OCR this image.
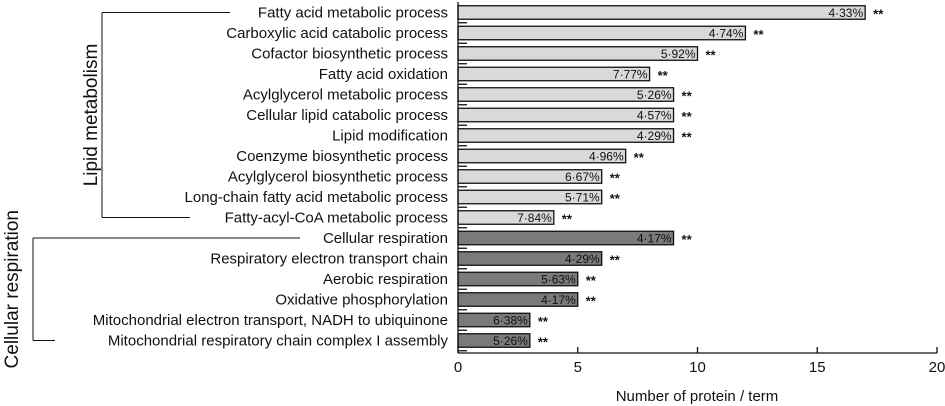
Lipid metabolism
Cellular respiration
Fatty acid metabolic process	4·33% **
Carboxylic acid catabolic process	4·74% **
Cofactor biosynthetic process	5·92% **
Fatty acid oxidation	7·77% **
Acylglycerol metabolic process	5·26% **
Cellular lipid catabolic process	4·57% **
Lipid modification	4·29% **
Coenzyme biosynthetic process	4·96% **
Acylglycerol biosynthetic process	6·67% **
Long-chain fatty acid metabolic process	5·71% **
Fatty-acyl-CoA metabolic process	7·84% **
Cellular respiration	4·17% **
Respiratory electron transport chain	4·29% **
Aerobic respiration	5·63% **
Oxidative phosphorylation	4·17% **
Mitochondrial electron transport, NADH to ubiquinone	6·38% **
Mitochondrial respiratory chain complex I assembly	5·26% **
Number of protein / term
0	5	10	15	20
